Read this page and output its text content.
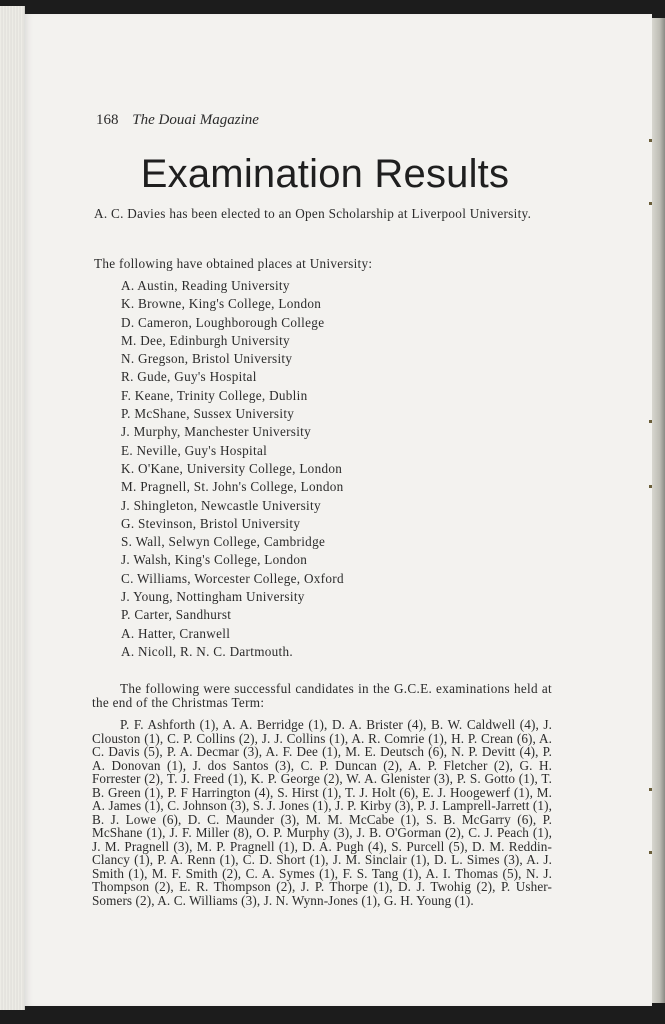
168 The Douai Magazine
Examination Results

A. C. Davies has been elected to an Open Scholarship at Liverpool University.

The following have obtained places at University:

A. Austin, Reading University
K. Browne, King's College, London
D. Cameron, Loughborough College
M. Dee, Edinburgh University
N. Gregson, Bristol University
R. Gude, Guy's Hospital
F. Keane, Trinity College, Dublin
P. McShane, Sussex University
J. Murphy, Manchester University
E. Neville, Guy's Hospital
K. O'Kane, University College, London
M. Pragnell, St. John's College, London
J. Shingleton, Newcastle University
G. Stevinson, Bristol University
S. Wall, Selwyn College, Cambridge
J. Walsh, King's College, London
C. Williams, Worcester College, Oxford
J. Young, Nottingham University
P. Carter, Sandhurst
A. Hatter, Cranwell
A. Nicoll, R. N. C. Dartmouth.

The following were successful candidates in the G.C.E. examinations held at the end of the Christmas Term:

P. F. Ashforth (1), A. A. Berridge (1), D. A. Brister (4), B. W. Caldwell (4), J. Clouston (1), C. P. Collins (2), J. J. Collins (1), A. R. Comrie (1), H. P. Crean (6), A. C. Davis (5), P. A. Decmar (3), A. F. Dee (1), M. E. Deutsch (6), N. P. Devitt (4), P. A. Donovan (1), J. dos Santos (3), C. P. Duncan (2), A. P. Fletcher (2), G. H. Forrester (2), T. J. Freed (1), K. P. George (2), W. A. Glenister (3), P. S. Gotto (1), T. B. Green (1), P. F Harrington (4), S. Hirst (1), T. J. Holt (6), E. J. Hoogewerf (1), M. A. James (1), C. Johnson (3), S. J. Jones (1), J. P. Kirby (3), P. J. Lamprell-Jarrett (1), B. J. Lowe (6), D. C. Maunder (3), M. M. McCabe (1), S. B. McGarry (6), P. McShane (1), J. F. Miller (8), O. P. Murphy (3), J. B. O'Gorman (2), C. J. Peach (1), J. M. Pragnell (3), M. P. Pragnell (1), D. A. Pugh (4), S. Purcell (5), D. M. Reddin-Clancy (1), P. A. Renn (1), C. D. Short (1), J. M. Sinclair (1), D. L. Simes (3), A. J. Smith (1), M. F. Smith (2), C. A. Symes (1), F. S. Tang (1), A. I. Thomas (5), N. J. Thompson (2), E. R. Thompson (2), J. P. Thorpe (1), D. J. Twohig (2), P. Usher-Somers (2), A. C. Williams (3), J. N. Wynn-Jones (1), G. H. Young (1).
